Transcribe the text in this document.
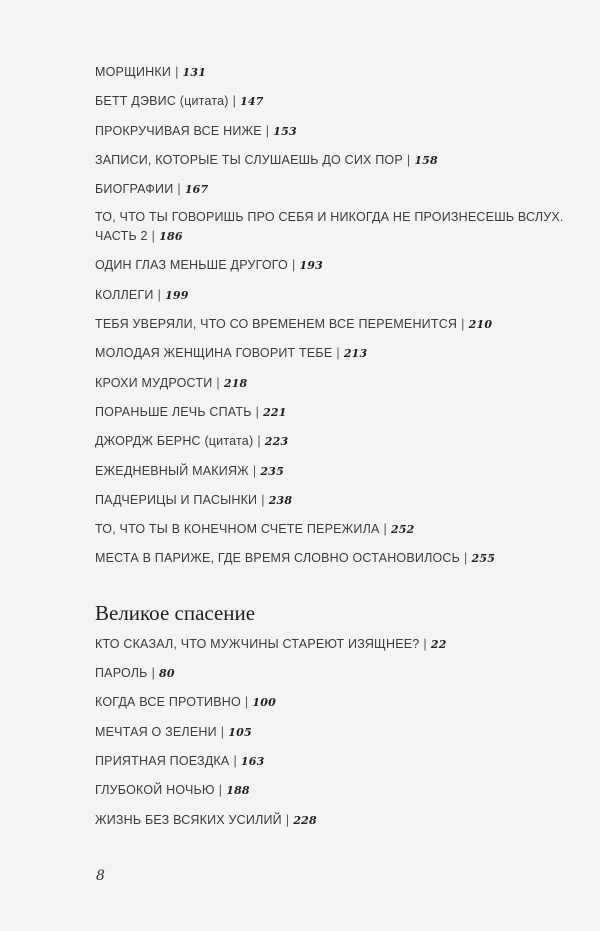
МОРЩИНКИ | 131
БЕТТ ДЭВИС (цитата) | 147
ПРОКРУЧИВАЯ ВСЕ НИЖЕ | 153
ЗАПИСИ, КОТОРЫЕ ТЫ СЛУШАЕШЬ ДО СИХ ПОР | 158
БИОГРАФИИ | 167
ТО, ЧТО ТЫ ГОВОРИШЬ ПРО СЕБЯ И НИКОГДА НЕ ПРОИЗНЕСЕШЬ ВСЛУХ.
ЧАСТЬ 2 | 186
ОДИН ГЛАЗ МЕНЬШЕ ДРУГОГО | 193
КОЛЛЕГИ | 199
ТЕБЯ УВЕРЯЛИ, ЧТО СО ВРЕМЕНЕМ ВСЕ ПЕРЕМЕНИТСЯ | 210
МОЛОДАЯ ЖЕНЩИНА ГОВОРИТ ТЕБЕ | 213
КРОХИ МУДРОСТИ | 218
ПОРАНЬШЕ ЛЕЧЬ СПАТЬ | 221
ДЖОРДЖ БЕРНС (цитата) | 223
ЕЖЕДНЕВНЫЙ МАКИЯЖ | 235
ПАДЧЕРИЦЫ И ПАСЫНКИ | 238
ТО, ЧТО ТЫ В КОНЕЧНОМ СЧЕТЕ ПЕРЕЖИЛА | 252
МЕСТА В ПАРИЖЕ, ГДЕ ВРЕМЯ СЛОВНО ОСТАНОВИЛОСЬ | 255
Великое спасение
КТО СКАЗАЛ, ЧТО МУЖЧИНЫ СТАРЕЮТ ИЗЯЩНЕЕ? | 22
ПАРОЛЬ | 80
КОГДА ВСЕ ПРОТИВНО | 100
МЕЧТАЯ О ЗЕЛЕНИ | 105
ПРИЯТНАЯ ПОЕЗДКА | 163
ГЛУБОКОЙ НОЧЬЮ | 188
ЖИЗНЬ БЕЗ ВСЯКИХ УСИЛИЙ | 228
8
